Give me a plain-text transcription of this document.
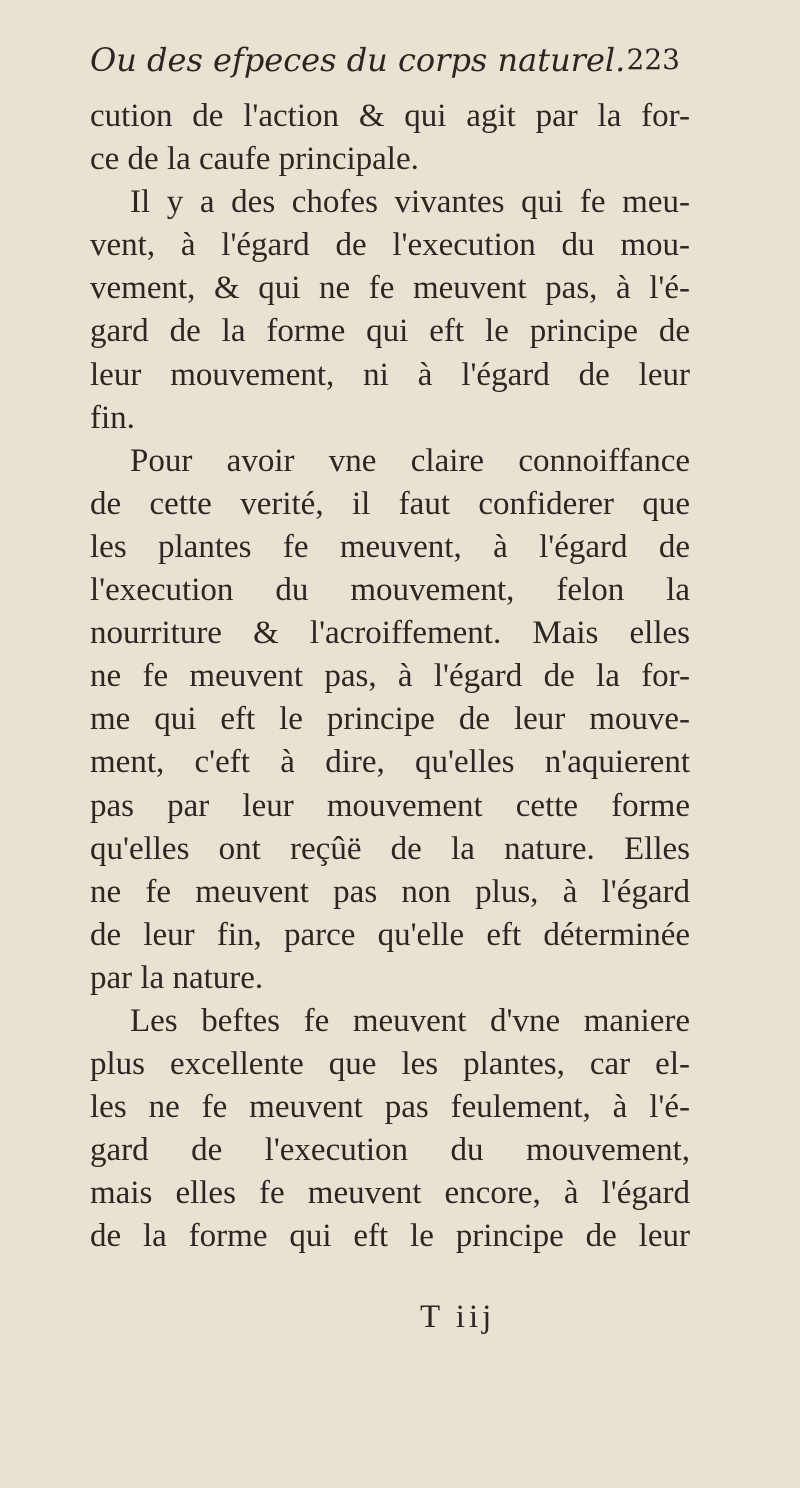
Ou des efpeces du corps naturel. 223
cution de l'action & qui agit par la for-
ce de la caufe principale.
Il y a des chofes vivantes qui fe meu-
vent, à l'égard de l'execution du mou-
vement, & qui ne fe meuvent pas, à l'é-
gard de la forme qui eft le principe de
leur mouvement, ni à l'égard de leur
fin.
Pour avoir vne claire connoiffance
de cette verité, il faut confiderer que
les plantes fe meuvent, à l'égard de
l'execution du mouvement, felon la
nourriture & l'acroiffement. Mais elles
ne fe meuvent pas, à l'égard de la for-
me qui eft le principe de leur mouve-
ment, c'eft à dire, qu'elles n'aquierent
pas par leur mouvement cette forme
qu'elles ont reçûë de la nature. Elles
ne fe meuvent pas non plus, à l'égard
de leur fin, parce qu'elle eft déterminée
par la nature.
Les beftes fe meuvent d'vne maniere
plus excellente que les plantes, car el-
les ne fe meuvent pas feulement, à l'é-
gard de l'execution du mouvement,
mais elles fe meuvent encore, à l'égard
de la forme qui eft le principe de leur
T iij
